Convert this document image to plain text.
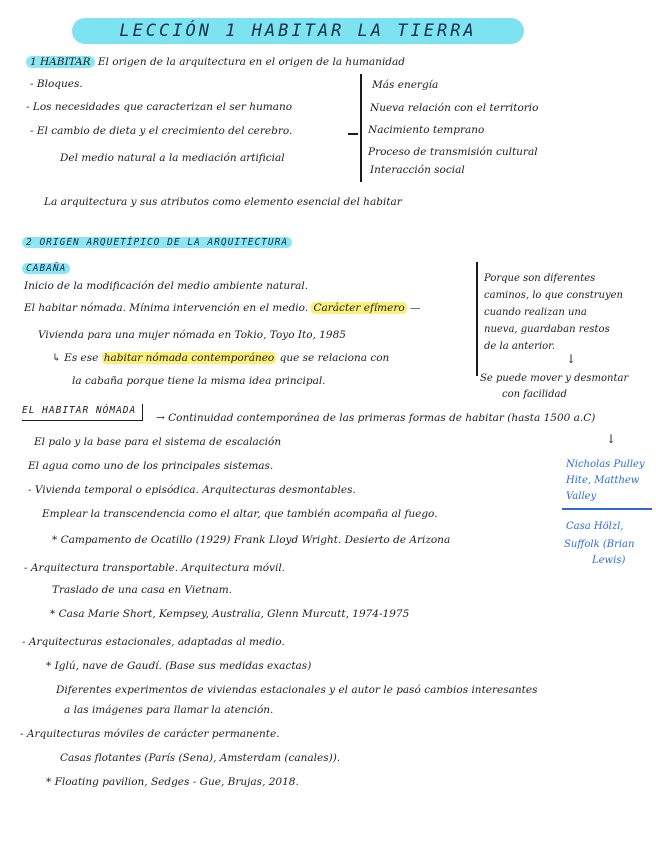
LECCIÓN 1 HABITAR LA TIERRA
1 HABITAR El origen de la arquitectura en el origen de la humanidad
- Bloques.
- Los necesidades que caracterizan el ser humano
- El cambio de dieta y el crecimiento del cerebro.
Del medio natural a la mediación artificial
Más energía
Nueva relación con el territorio
Nacimiento temprano
Proceso de transmisión cultural
Interacción social
La arquitectura y sus atributos como elemento esencial del habitar
2 ORIGEN ARQUETÍPICO DE LA ARQUITECTURA
CABAÑA
Inicio de la modificación del medio ambiente natural.
El habitar nómada. Mínima intervención en el medio. Carácter efímero —
Porque son diferentes
caminos, lo que construyen
cuando realizan una
nueva, guardaban restos
de la anterior.
↓
Se puede mover y desmontar
con facilidad
Vivienda para una mujer nómada en Tokio, Toyo Ito, 1985
↳ Es ese habitar nómada contemporáneo que se relaciona con
la cabaña porque tiene la misma idea principal.
EL HABITAR NÓMADA
→ Continuidad contemporánea de las primeras formas de habitar (hasta 1500 a.C)
↓
El palo y la base para el sistema de escalación
El agua como uno de los principales sistemas.
- Vivienda temporal o episódica. Arquitecturas desmontables.
Emplear la transcendencia como el altar, que también acompaña al fuego.
* Campamento de Ocatillo (1929) Frank Lloyd Wright. Desierto de Arizona
Nicholas Pulley
Hite, Matthew
Valley
Casa Hölzl,
Suffolk (Brian
Lewis)
- Arquitectura transportable. Arquitectura móvil.
Traslado de una casa en Vietnam.
* Casa Marie Short, Kempsey, Australia, Glenn Murcutt, 1974-1975
- Arquitecturas estacionales, adaptadas al medio.
* Iglú, nave de Gaudí. (Base sus medidas exactas)
Diferentes experimentos de viviendas estacionales y el autor le pasó cambios interesantes
a las imágenes para llamar la atención.
- Arquitecturas móviles de carácter permanente.
Casas flotantes (París (Sena), Amsterdam (canales)).
* Floating pavilion, Sedges - Gue, Brujas, 2018.
